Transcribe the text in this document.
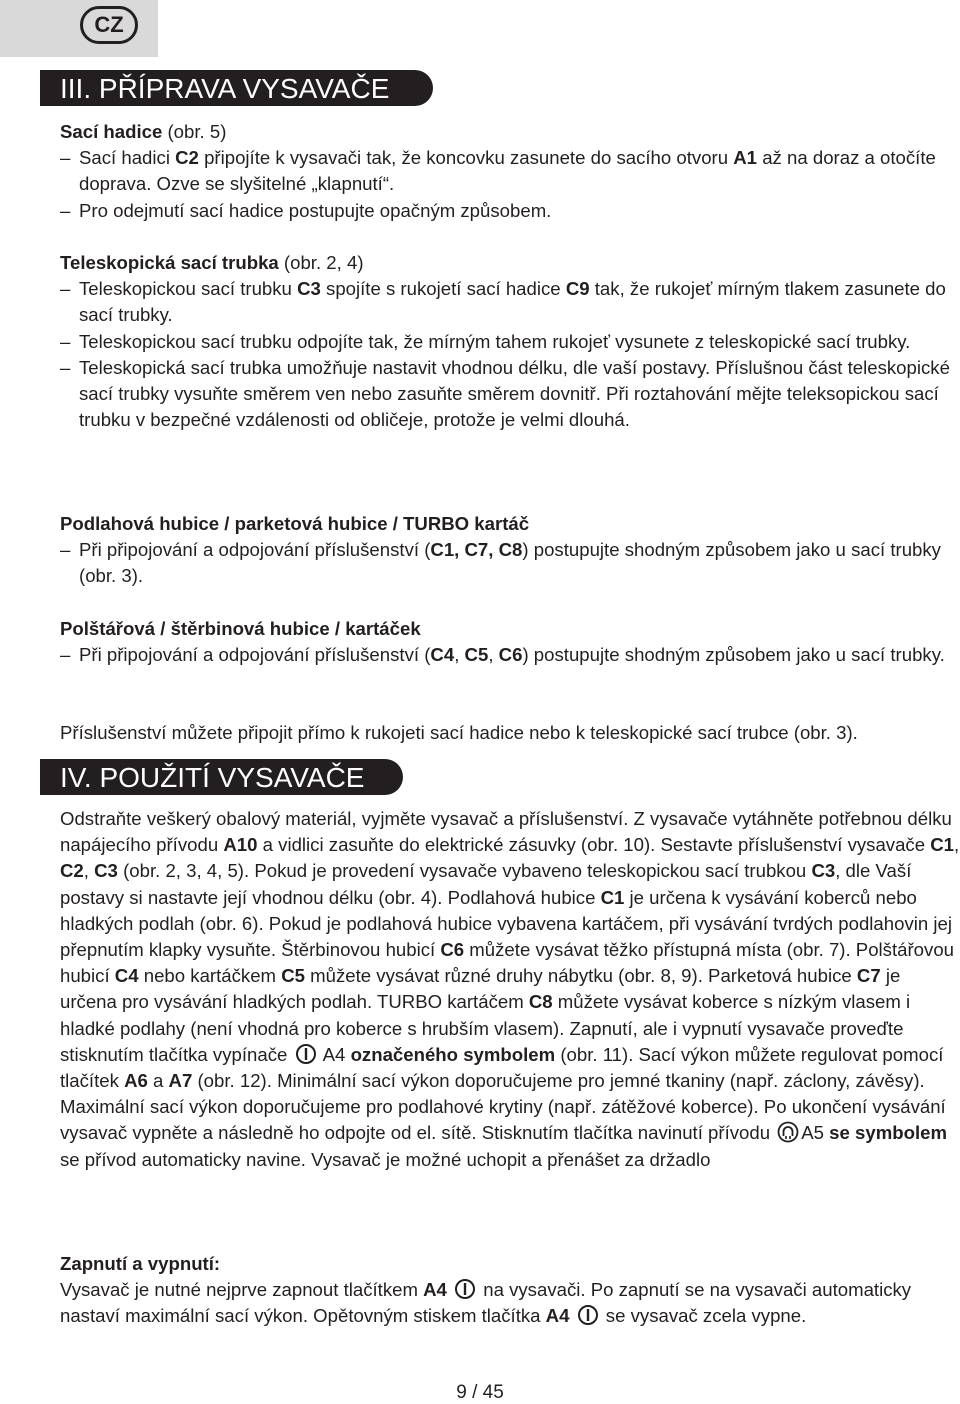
CZ
III. PŘÍPRAVA VYSAVAČE

Sací hadice (obr. 5)

– Sací hadici C2 připojíte k vysavači tak, že koncovku zasunete do sacího otvoru A1 až na doraz a otočíte doprava. Ozve se slyšitelné „klapnutí“.

– Pro odejmutí sací hadice postupujte opačným způsobem.

Teleskopická sací trubka (obr. 2, 4)

– Teleskopickou sací trubku C3 spojíte s rukojetí sací hadice C9 tak, že rukojeť mírným tlakem zasunete do sací trubky.

– Teleskopickou sací trubku odpojíte tak, že mírným tahem rukojeť vysunete z teleskopické sací trubky.

– Teleskopická sací trubka umožňuje nastavit vhodnou délku, dle vaší postavy. Příslušnou část teleskopické sací trubky vysuňte směrem ven nebo zasuňte směrem dovnitř. Při roztahování mějte teleksopickou sací trubku v bezpečné vzdálenosti od obličeje, protože je velmi dlouhá.

Podlahová hubice / parketová hubice / TURBO kartáč

– Při připojování a odpojování příslušenství (C1, C7, C8) postupujte shodným způsobem jako u sací trubky (obr. 3).

Polštářová / štěrbinová hubice / kartáček

– Při připojování a odpojování příslušenství (C4, C5, C6) postupujte shodným způsobem jako u sací trubky.

Příslušenství můžete připojit přímo k rukojeti sací hadice nebo k teleskopické sací trubce (obr. 3).

IV. POUŽITÍ VYSAVAČE

Odstraňte veškerý obalový materiál, vyjměte vysavač a příslušenství. Z vysavače vytáhněte potřebnou délku napájecího přívodu A10 a vidlici zasuňte do elektrické zásuvky (obr. 10). Sestavte příslušenství vysavače C1, C2, C3 (obr. 2, 3, 4, 5). Pokud je provedení vysavače vybaveno teleskopickou sací trubkou C3, dle Vaší postavy si nastavte její vhodnou délku (obr. 4). Podlahová hubice C1 je určena k vysávání koberců nebo hladkých podlah (obr. 6). Pokud je podlahová hubice vybavena kartáčem, při vysávání tvrdých podlahovin jej přepnutím klapky vysuňte. Štěrbinovou hubicí C6 můžete vysávat těžko přístupná místa (obr. 7). Polštářovou hubicí C4 nebo kartáčkem C5 můžete vysávat různé druhy nábytku (obr. 8, 9). Parketová hubice C7 je určena pro vysávání hladkých podlah. TURBO kartáčem C8 můžete vysávat koberce s nízkým vlasem i hladké podlahy (není vhodná pro koberce s hrubším vlasem). Zapnutí, ale i vypnutí vysavače proveďte stisknutím tlačítka vypínače  A4 označeného symbolem (obr. 11). Sací výkon můžete regulovat pomocí tlačítek A6 a A7 (obr. 12). Minimální sací výkon doporučujeme pro jemné tkaniny (např. záclony, závěsy). Maximální sací výkon doporučujeme pro podlahové krytiny (např. zátěžové koberce). Po ukončení vysávání vysavač vypněte a následně ho odpojte od el. sítě. Stisknutím tlačítka navinutí přívodu A5 se symbolem se přívod automaticky navine. Vysavač je možné uchopit a přenášet za držadlo

Zapnutí a vypnutí:

Vysavač je nutné nejprve zapnout tlačítkem A4  na vysavači. Po zapnutí se na vysavači automaticky nastaví maximální sací výkon. Opětovným stiskem tlačítka A4  se vysavač zcela vypne.

9 / 45
